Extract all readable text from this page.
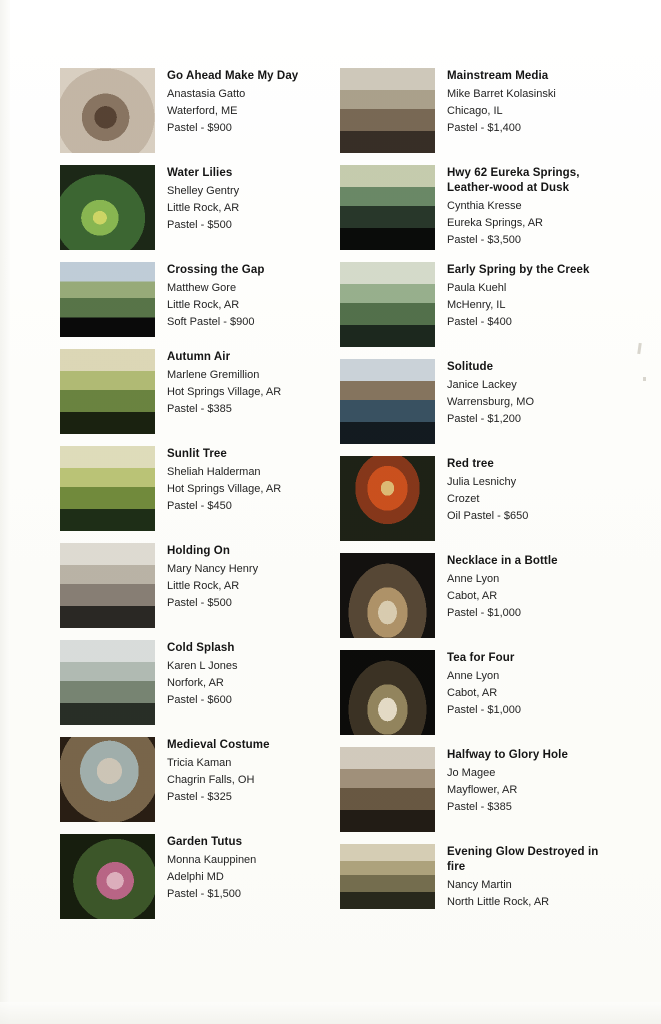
Go Ahead Make My Day
Anastasia Gatto
Waterford, ME
Pastel - $900
Water Lilies
Shelley Gentry
Little Rock, AR
Pastel - $500
Crossing the Gap
Matthew Gore
Little Rock, AR
Soft Pastel - $900
Autumn Air
Marlene Gremillion
Hot Springs Village, AR
Pastel - $385
Sunlit Tree
Sheliah Halderman
Hot Springs Village, AR
Pastel - $450
Holding On
Mary Nancy Henry
Little Rock, AR
Pastel - $500
Cold Splash
Karen L Jones
Norfork, AR
Pastel - $600
Medieval Costume
Tricia Kaman
Chagrin Falls, OH
Pastel - $325
Garden Tutus
Monna Kauppinen
Adelphi MD
Pastel - $1,500
Mainstream Media
Mike Barret Kolasinski
Chicago, IL
Pastel - $1,400
Hwy 62 Eureka Springs, Leather-wood at Dusk
Cynthia Kresse
Eureka Springs, AR
Pastel - $3,500
Early Spring by the Creek
Paula Kuehl
McHenry, IL
Pastel - $400
Solitude
Janice Lackey
Warrensburg, MO
Pastel - $1,200
Red tree
Julia Lesnichy
Crozet
Oil Pastel - $650
Necklace in a Bottle
Anne Lyon
Cabot, AR
Pastel - $1,000
Tea for Four
Anne Lyon
Cabot, AR
Pastel - $1,000
Halfway to Glory Hole
Jo Magee
Mayflower, AR
Pastel - $385
Evening Glow Destroyed in fire
Nancy Martin
North Little Rock, AR
